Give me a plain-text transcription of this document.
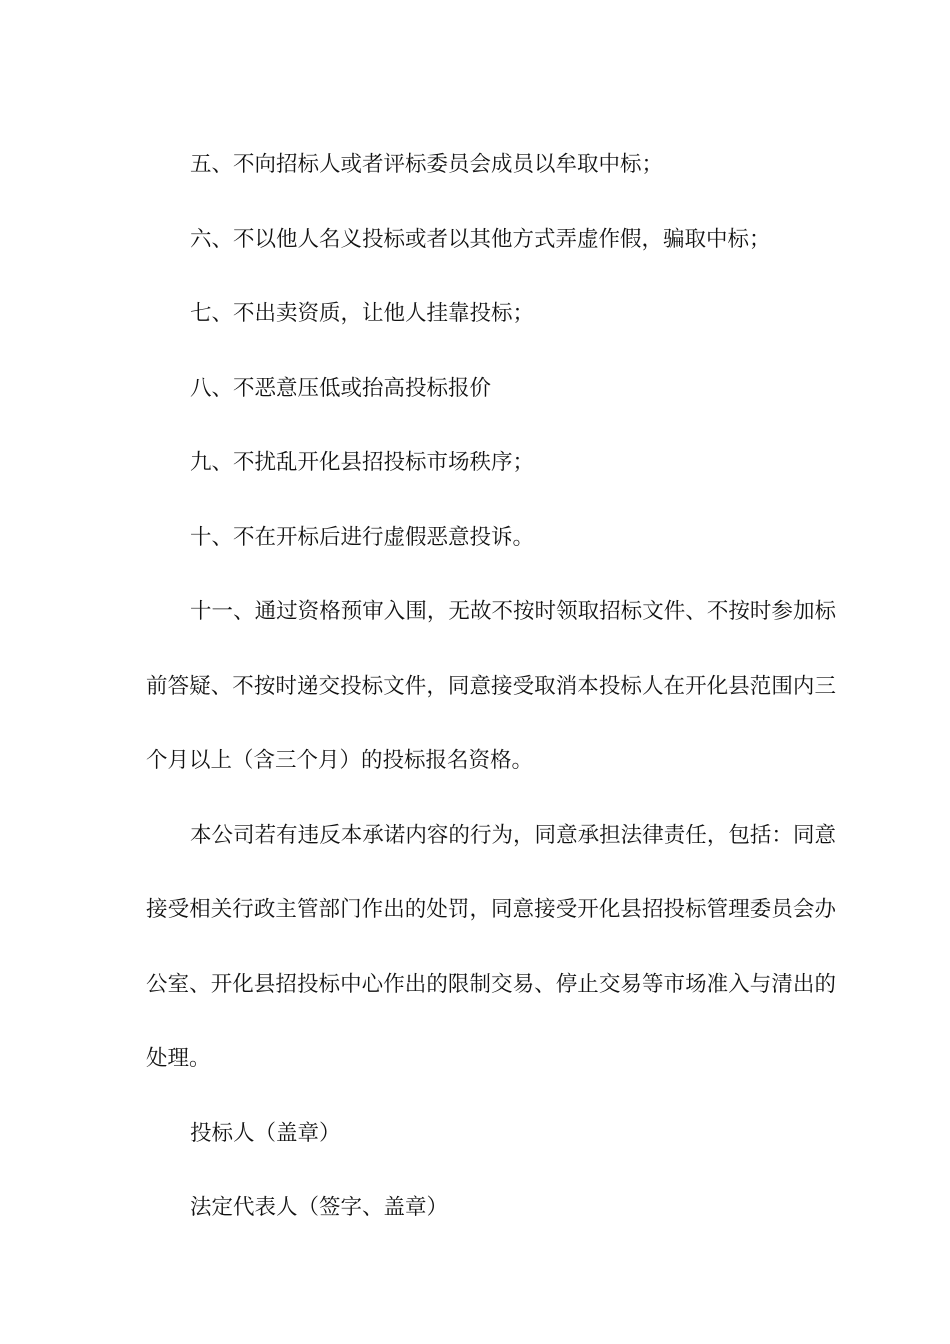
五、不向招标人或者评标委员会成员以牟取中标；

六、不以他人名义投标或者以其他方式弄虚作假，骗取中标；

七、不出卖资质，让他人挂靠投标；

八、不恶意压低或抬高投标报价

九、不扰乱开化县招投标市场秩序；

十、不在开标后进行虚假恶意投诉。

十一、通过资格预审入围，无故不按时领取招标文件、不按时参加标前答疑、不按时递交投标文件，同意接受取消本投标人在开化县范围内三个月以上（含三个月）的投标报名资格。

本公司若有违反本承诺内容的行为，同意承担法律责任，包括：同意接受相关行政主管部门作出的处罚，同意接受开化县招投标管理委员会办公室、开化县招投标中心作出的限制交易、停止交易等市场准入与清出的处理。

投标人（盖章）

法定代表人（签字、盖章）
